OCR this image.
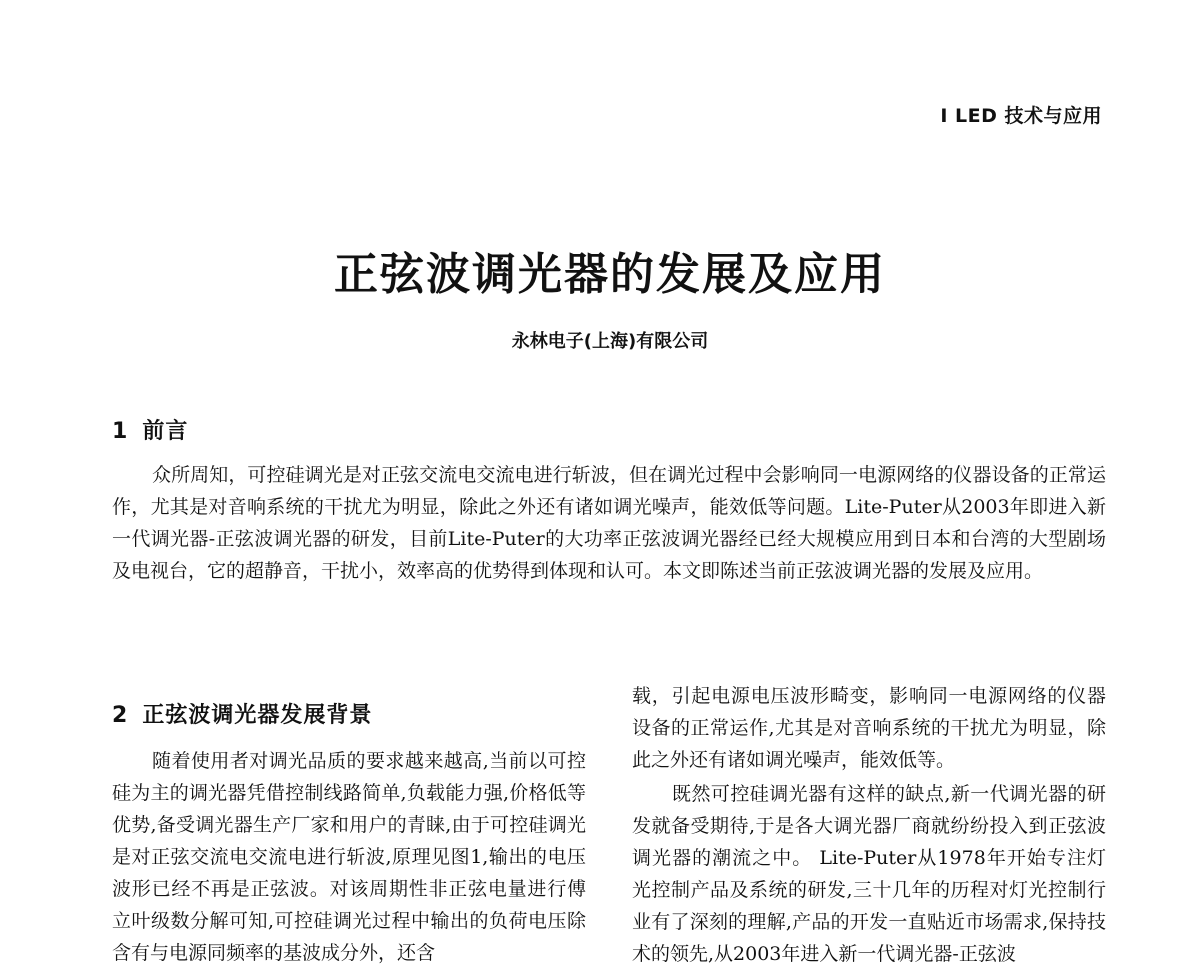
Ⅰ LED 技术与应用
正弦波调光器的发展及应用
永林电子(上海)有限公司
1 前言

众所周知，可控硅调光是对正弦交流电交流电进行斩波，但在调光过程中会影响同一电源网络的仪器设备的正常运作，尤其是对音响系统的干扰尤为明显，除此之外还有诸如调光噪声，能效低等问题。Lite-Puter从2003年即进入新一代调光器-正弦波调光器的研发，目前Lite-Puter的大功率正弦波调光器经已经大规模应用到日本和台湾的大型剧场及电视台，它的超静音，干扰小，效率高的优势得到体现和认可。本文即陈述当前正弦波调光器的发展及应用。

2 正弦波调光器发展背景

随着使用者对调光品质的要求越来越高,当前以可控硅为主的调光器凭借控制线路简单,负载能力强,价格低等优势,备受调光器生产厂家和用户的青睐,由于可控硅调光是对正弦交流电交流电进行斩波,原理见图1,输出的电压波形已经不再是正弦波。对该周期性非正弦电量进行傅立叶级数分解可知,可控硅调光过程中输出的负荷电压除含有与电源同频率的基波成分外，还含

载，引起电源电压波形畸变，影响同一电源网络的仪器设备的正常运作,尤其是对音响系统的干扰尤为明显，除此之外还有诸如调光噪声，能效低等。

既然可控硅调光器有这样的缺点,新一代调光器的研发就备受期待,于是各大调光器厂商就纷纷投入到正弦波调光器的潮流之中。 Lite-Puter从1978年开始专注灯光控制产品及系统的研发,三十几年的历程对灯光控制行业有了深刻的理解,产品的开发一直贴近市场需求,保持技术的领先,从2003年进入新一代调光器-正弦波
